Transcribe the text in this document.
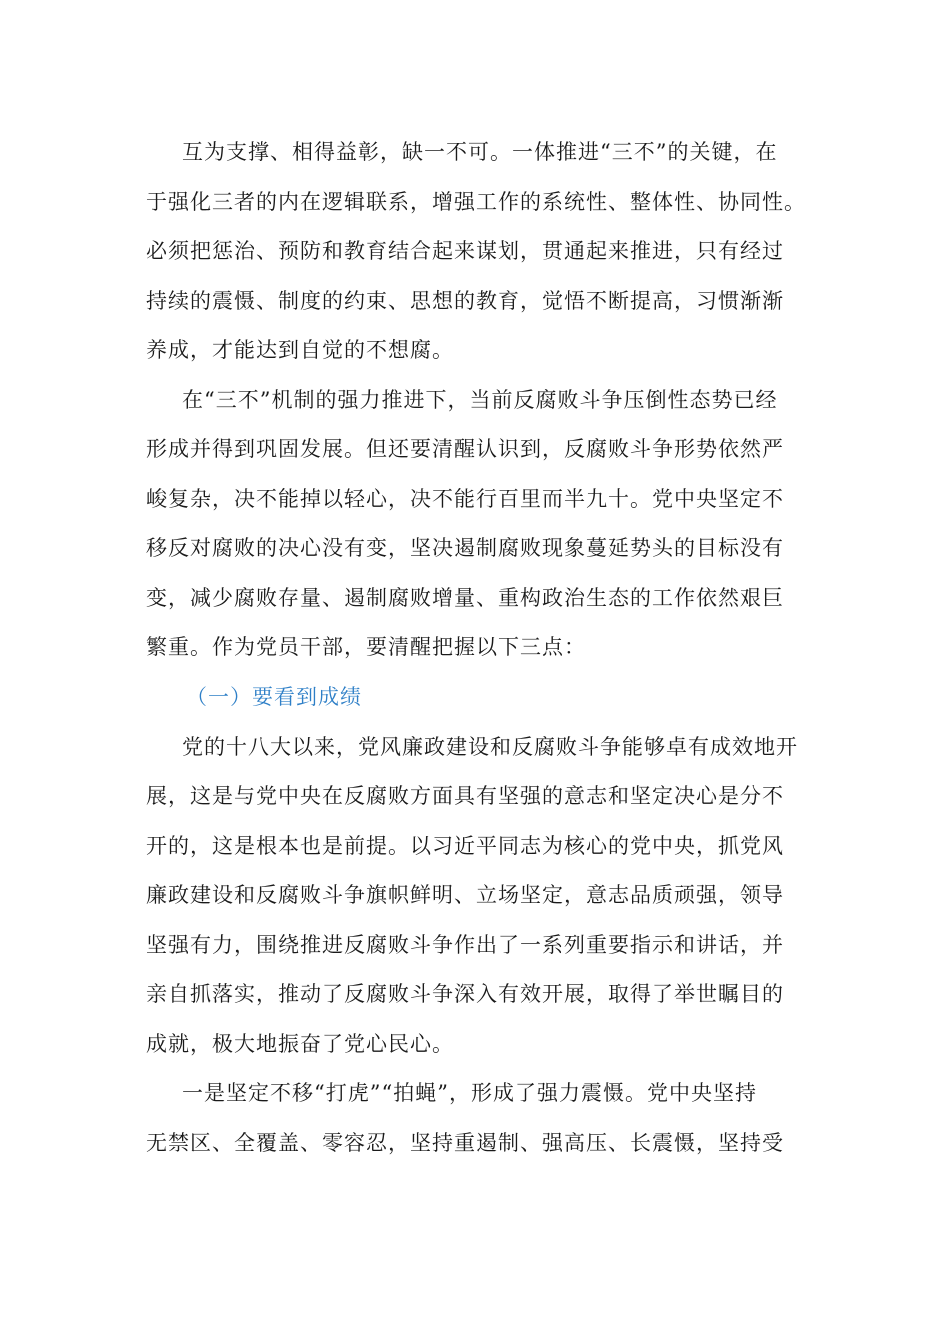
互为支撑、相得益彰，缺一不可。一体推进“三不”的关键，在
于强化三者的内在逻辑联系，增强工作的系统性、整体性、协同性。
必须把惩治、预防和教育结合起来谋划，贯通起来推进，只有经过
持续的震慑、制度的约束、思想的教育，觉悟不断提高，习惯渐渐
养成，才能达到自觉的不想腐。
在“三不”机制的强力推进下，当前反腐败斗争压倒性态势已经
形成并得到巩固发展。但还要清醒认识到，反腐败斗争形势依然严
峻复杂，决不能掉以轻心，决不能行百里而半九十。党中央坚定不
移反对腐败的决心没有变，坚决遏制腐败现象蔓延势头的目标没有
变，减少腐败存量、遏制腐败增量、重构政治生态的工作依然艰巨
繁重。作为党员干部，要清醒把握以下三点：
（一）要看到成绩
党的十八大以来，党风廉政建设和反腐败斗争能够卓有成效地开
展，这是与党中央在反腐败方面具有坚强的意志和坚定决心是分不
开的，这是根本也是前提。以习近平同志为核心的党中央，抓党风
廉政建设和反腐败斗争旗帜鲜明、立场坚定，意志品质顽强，领导
坚强有力，围绕推进反腐败斗争作出了一系列重要指示和讲话，并
亲自抓落实，推动了反腐败斗争深入有效开展，取得了举世瞩目的
成就，极大地振奋了党心民心。
一是坚定不移“打虎”“拍蝇”，形成了强力震慑。党中央坚持
无禁区、全覆盖、零容忍，坚持重遏制、强高压、长震慑，坚持受
